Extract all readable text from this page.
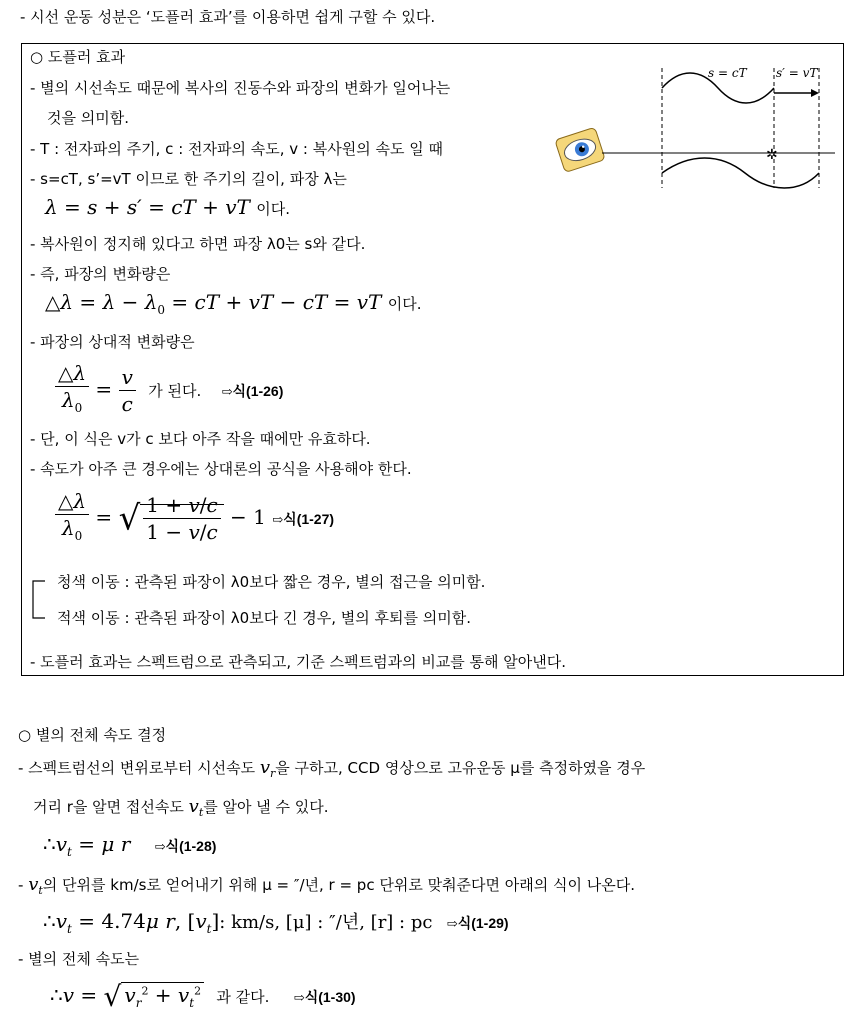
- 시선 운동 성분은 ‘도플러 효과’를 이용하면 쉽게 구할 수 있다.
○ 도플러 효과
- 별의 시선속도 때문에 복사의 진동수와 파장의 변화가 일어나는
것을 의미함.
- T : 전자파의 주기, c : 전자파의 속도, v : 복사원의 속도 일 때
- s=cT, s’=vT 이므로 한 주기의 길이, 파장 λ는
λ = s + s′ = cT + vT 이다.
- 복사원이 정지해 있다고 하면 파장 λ0는 s와 같다.
- 즉, 파장의 변화량은
△λ = $\lambda - \lambda_0$ = cT + vT − cT = vT 이다.
- 파장의 상대적 변화량은
$\frac{\triangle\lambda}{\lambda_0} = \frac{v}{c}$ 가 된다. ⇨식(1-26)
- 단, 이 식은 v가 c 보다 아주 작을 때에만 유효하다.
- 속도가 아주 큰 경우에는 상대론의 공식을 사용해야 한다.
$\frac{\triangle\lambda}{\lambda_0}$ = √ $\frac{1 + v/c}{1 - v/c} - 1$ ⇨식(1-27)
청색 이동 : 관측된 파장이 λ0보다 짧은 경우, 별의 접근을 의미함.
적색 이동 : 관측된 파장이 λ0보다 긴 경우, 별의 후퇴를 의미함.
- 도플러 효과는 스펙트럼으로 관측되고, 기준 스펙트럼과의 비교를 통해 알아낸다.
✲
s = cT s′ = vT
○ 별의 전체 속도 결정
- 스펙트럼선의 변위로부터 시선속도 $v_r$을 구하고, CCD 영상으로 고유운동 μ를 측정하였을 경우
거리 r을 알면 접선속도 $v_t$를 알아 낼 수 있다.
$\therefore v_t = \mu$ r ⇨식(1-28)
- $v_t$의 단위를 km/s로 얻어내기 위해 μ = ″/년, r = pc 단위로 맞춰준다면 아래의 식이 나온다.
$\therefore v_t = 4.74\mu$ r, $[v_t]$: km/s, [μ] : ″/년, [r] : pc ⇨식(1-29)
- 별의 전체 속도는
∴v = √ $v_r^2 + v_t^2$ 과 같다. ⇨식(1-30)
